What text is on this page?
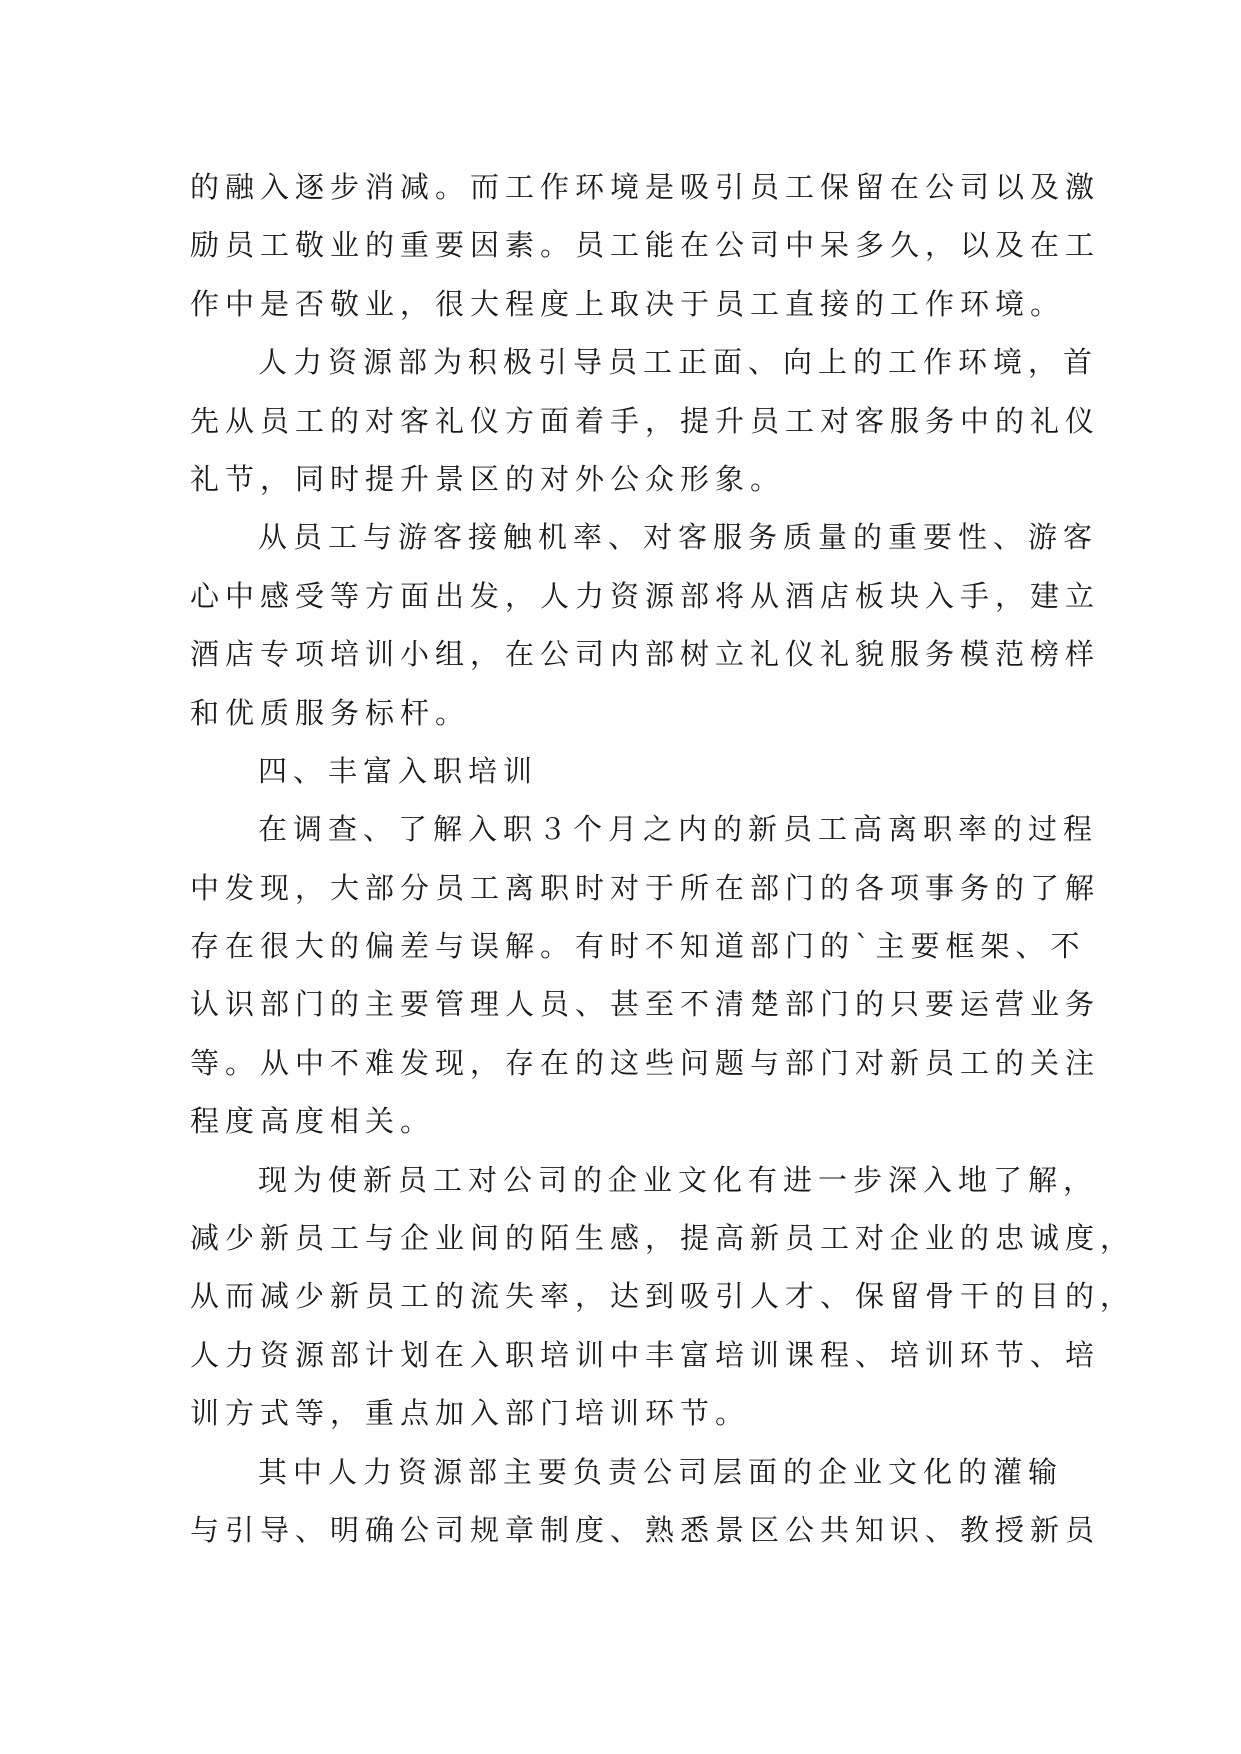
的融入逐步消减。而工作环境是吸引员工保留在公司以及激
励员工敬业的重要因素。员工能在公司中呆多久，以及在工
作中是否敬业，很大程度上取决于员工直接的工作环境。
人力资源部为积极引导员工正面、向上的工作环境，首
先从员工的对客礼仪方面着手，提升员工对客服务中的礼仪
礼节，同时提升景区的对外公众形象。
从员工与游客接触机率、对客服务质量的重要性、游客
心中感受等方面出发，人力资源部将从酒店板块入手，建立
酒店专项培训小组，在公司内部树立礼仪礼貌服务模范榜样
和优质服务标杆。
四、丰富入职培训
在调查、了解入职３个月之内的新员工高离职率的过程
中发现，大部分员工离职时对于所在部门的各项事务的了解
存在很大的偏差与误解。有时不知道部门的`主要框架、不
认识部门的主要管理人员、甚至不清楚部门的只要运营业务
等。从中不难发现，存在的这些问题与部门对新员工的关注
程度高度相关。
现为使新员工对公司的企业文化有进一步深入地了解，
减少新员工与企业间的陌生感，提高新员工对企业的忠诚度，
从而减少新员工的流失率，达到吸引人才、保留骨干的目的，
人力资源部计划在入职培训中丰富培训课程、培训环节、培
训方式等，重点加入部门培训环节。
其中人力资源部主要负责公司层面的企业文化的灌输
与引导、明确公司规章制度、熟悉景区公共知识、教授新员
